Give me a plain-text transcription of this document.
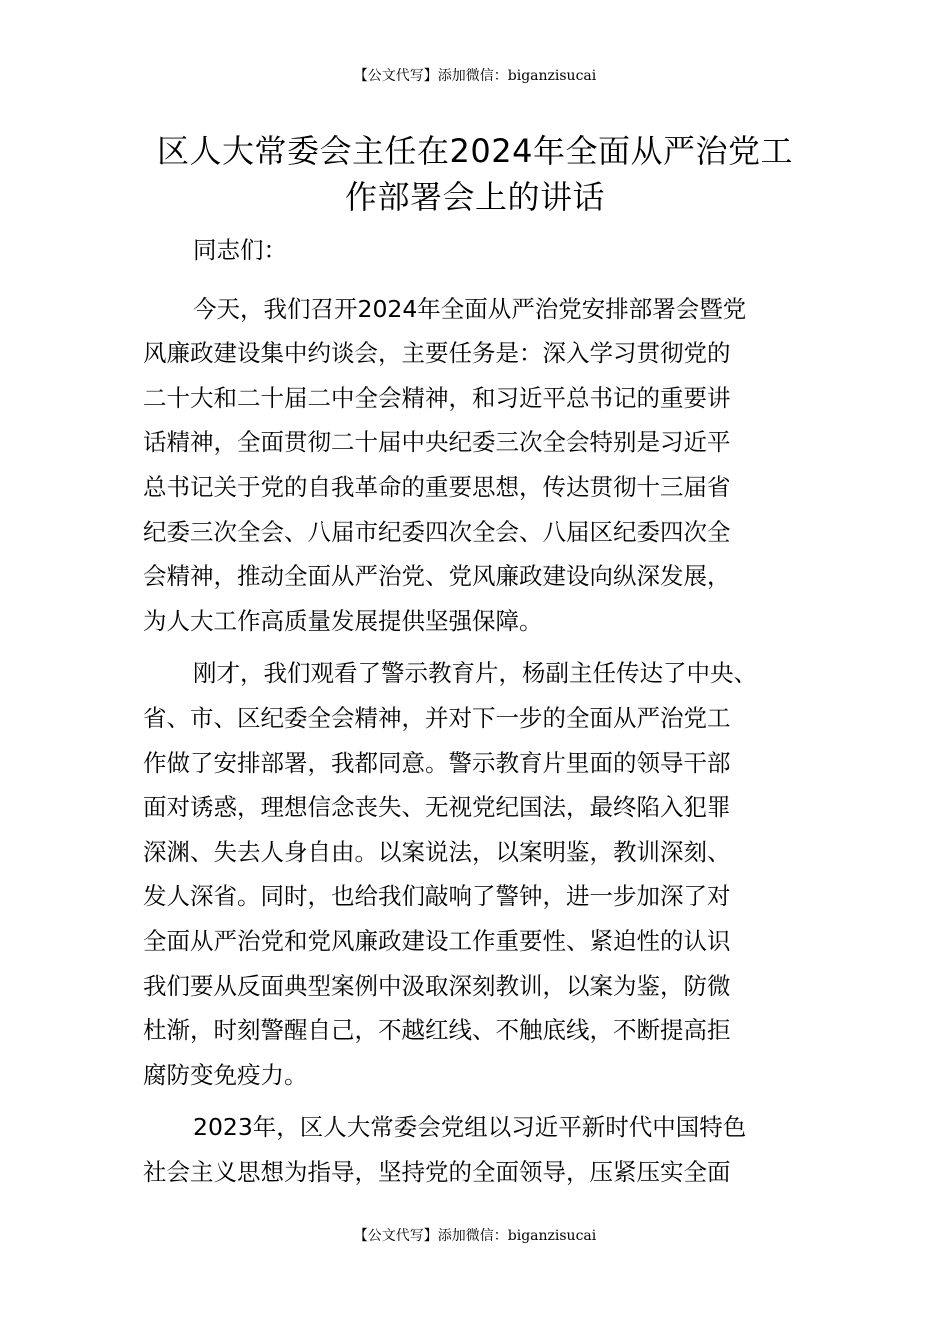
【公文代写】添加微信：biganzisucai
区人大常委会主任在2024年全面从严治党工
作部署会上的讲话

同志们：

今天，我们召开2024年全面从严治党安排部署会暨党
风廉政建设集中约谈会，主要任务是：深入学习贯彻党的
二十大和二十届二中全会精神，和习近平总书记的重要讲
话精神，全面贯彻二十届中央纪委三次全会特别是习近平
总书记关于党的自我革命的重要思想，传达贯彻十三届省
纪委三次全会、八届市纪委四次全会、八届区纪委四次全
会精神，推动全面从严治党、党风廉政建设向纵深发展，
为人大工作高质量发展提供坚强保障。

刚才，我们观看了警示教育片，杨副主任传达了中央、
省、市、区纪委全会精神，并对下一步的全面从严治党工
作做了安排部署，我都同意。警示教育片里面的领导干部
面对诱惑，理想信念丧失、无视党纪国法，最终陷入犯罪
深渊、失去人身自由。以案说法，以案明鉴，教训深刻、
发人深省。同时，也给我们敲响了警钟，进一步加深了对
全面从严治党和党风廉政建设工作重要性、紧迫性的认识
我们要从反面典型案例中汲取深刻教训，以案为鉴，防微
杜渐，时刻警醒自己，不越红线、不触底线，不断提高拒
腐防变免疫力。

2023年，区人大常委会党组以习近平新时代中国特色
社会主义思想为指导，坚持党的全面领导，压紧压实全面

【公文代写】添加微信：biganzisucai
